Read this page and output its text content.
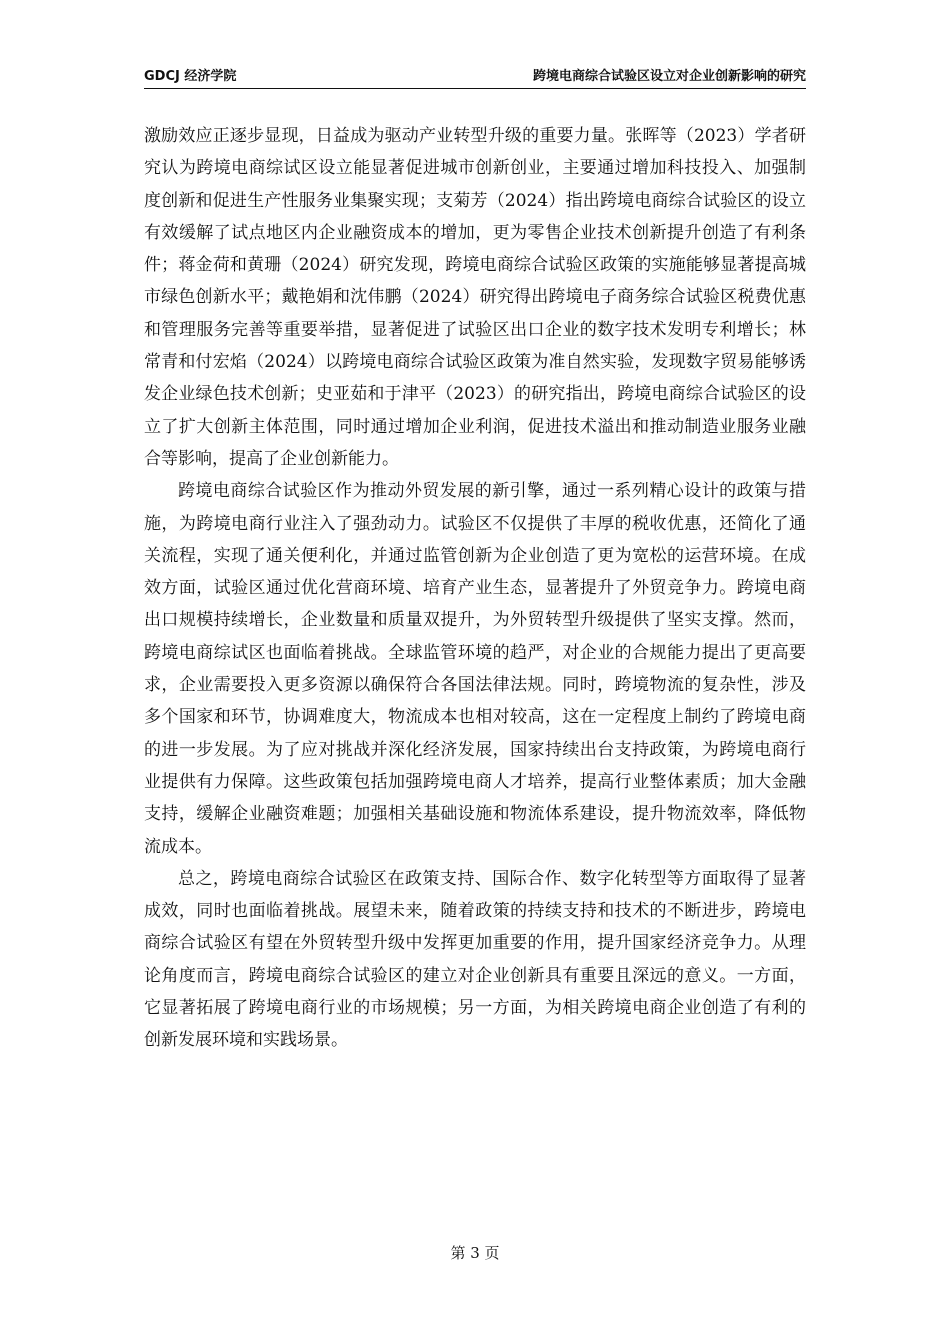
GDCJ 经济学院	跨境电商综合试验区设立对企业创新影响的研究

激励效应正逐步显现，日益成为驱动产业转型升级的重要力量。张晖等（2023）学者研究认为跨境电商综试区设立能显著促进城市创新创业，主要通过增加科技投入、加强制度创新和促进生产性服务业集聚实现；支菊芳（2024）指出跨境电商综合试验区的设立有效缓解了试点地区内企业融资成本的增加，更为零售企业技术创新提升创造了有利条件；蒋金荷和黄珊（2024）研究发现，跨境电商综合试验区政策的实施能够显著提高城市绿色创新水平；戴艳娟和沈伟鹏（2024）研究得出跨境电子商务综合试验区税费优惠和管理服务完善等重要举措，显著促进了试验区出口企业的数字技术发明专利增长；林常青和付宏焰（2024）以跨境电商综合试验区政策为准自然实验，发现数字贸易能够诱发企业绿色技术创新；史亚茹和于津平（2023）的研究指出，跨境电商综合试验区的设立了扩大创新主体范围，同时通过增加企业利润，促进技术溢出和推动制造业服务业融合等影响，提高了企业创新能力。

跨境电商综合试验区作为推动外贸发展的新引擎，通过一系列精心设计的政策与措施，为跨境电商行业注入了强劲动力。试验区不仅提供了丰厚的税收优惠，还简化了通关流程，实现了通关便利化，并通过监管创新为企业创造了更为宽松的运营环境。在成效方面，试验区通过优化营商环境、培育产业生态，显著提升了外贸竞争力。跨境电商出口规模持续增长，企业数量和质量双提升，为外贸转型升级提供了坚实支撑。然而，跨境电商综试区也面临着挑战。全球监管环境的趋严，对企业的合规能力提出了更高要求，企业需要投入更多资源以确保符合各国法律法规。同时，跨境物流的复杂性，涉及多个国家和环节，协调难度大，物流成本也相对较高，这在一定程度上制约了跨境电商的进一步发展。为了应对挑战并深化经济发展，国家持续出台支持政策，为跨境电商行业提供有力保障。这些政策包括加强跨境电商人才培养，提高行业整体素质；加大金融支持，缓解企业融资难题；加强相关基础设施和物流体系建设，提升物流效率，降低物流成本。

总之，跨境电商综合试验区在政策支持、国际合作、数字化转型等方面取得了显著成效，同时也面临着挑战。展望未来，随着政策的持续支持和技术的不断进步，跨境电商综合试验区有望在外贸转型升级中发挥更加重要的作用，提升国家经济竞争力。从理论角度而言，跨境电商综合试验区的建立对企业创新具有重要且深远的意义。一方面，它显著拓展了跨境电商行业的市场规模；另一方面，为相关跨境电商企业创造了有利的创新发展环境和实践场景。

第 3 页
